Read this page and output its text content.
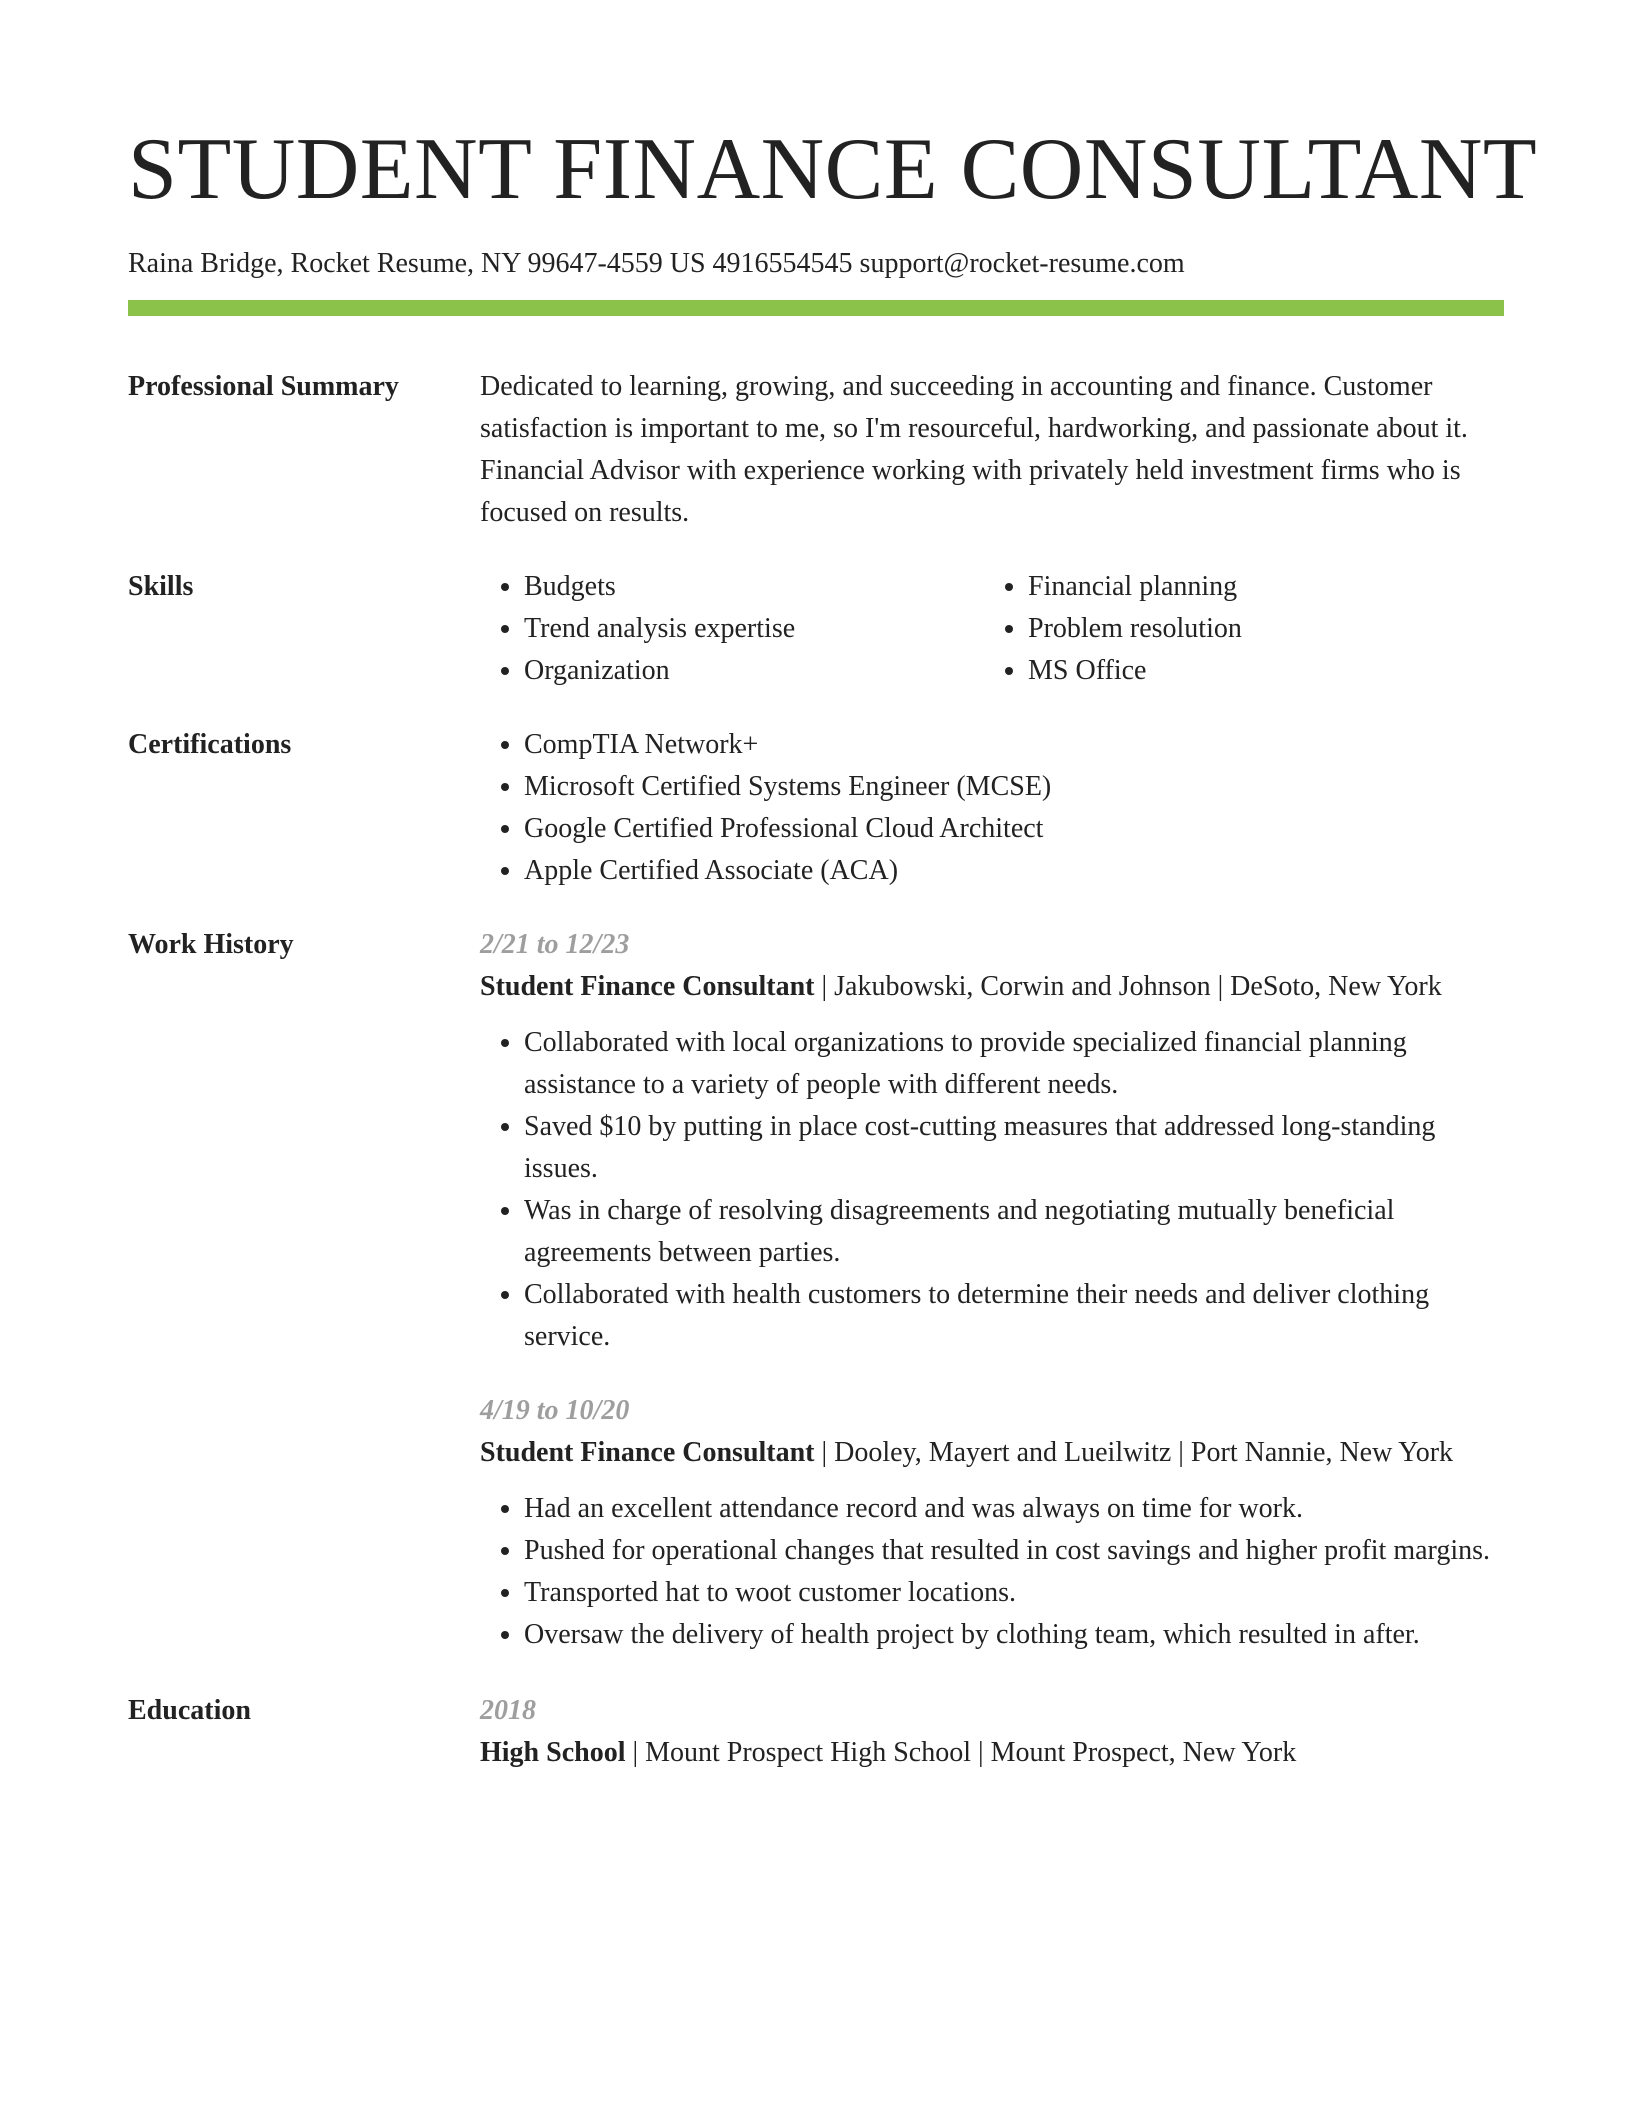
STUDENT FINANCE CONSULTANT
Raina Bridge, Rocket Resume, NY 99647-4559 US 4916554545 support@rocket-resume.com
Professional Summary	Dedicated to learning, growing, and succeeding in accounting and finance. Customer satisfaction is important to me, so I'm resourceful, hardworking, and passionate about it. Financial Advisor with experience working with privately held investment firms who is focused on results.
Skills	• Budgets
• Trend analysis expertise
• Organization
• Financial planning
• Problem resolution
• MS Office
Certifications	• CompTIA Network+
• Microsoft Certified Systems Engineer (MCSE)
• Google Certified Professional Cloud Architect
• Apple Certified Associate (ACA)
Work History	2/21 to 12/23
Student Finance Consultant | Jakubowski, Corwin and Johnson | DeSoto, New York
• Collaborated with local organizations to provide specialized financial planning assistance to a variety of people with different needs.
• Saved $10 by putting in place cost-cutting measures that addressed long-standing issues.
• Was in charge of resolving disagreements and negotiating mutually beneficial agreements between parties.
• Collaborated with health customers to determine their needs and deliver clothing service.
4/19 to 10/20
Student Finance Consultant | Dooley, Mayert and Lueilwitz | Port Nannie, New York
• Had an excellent attendance record and was always on time for work.
• Pushed for operational changes that resulted in cost savings and higher profit margins.
• Transported hat to woot customer locations.
• Oversaw the delivery of health project by clothing team, which resulted in after.
Education	2018
High School | Mount Prospect High School | Mount Prospect, New York
